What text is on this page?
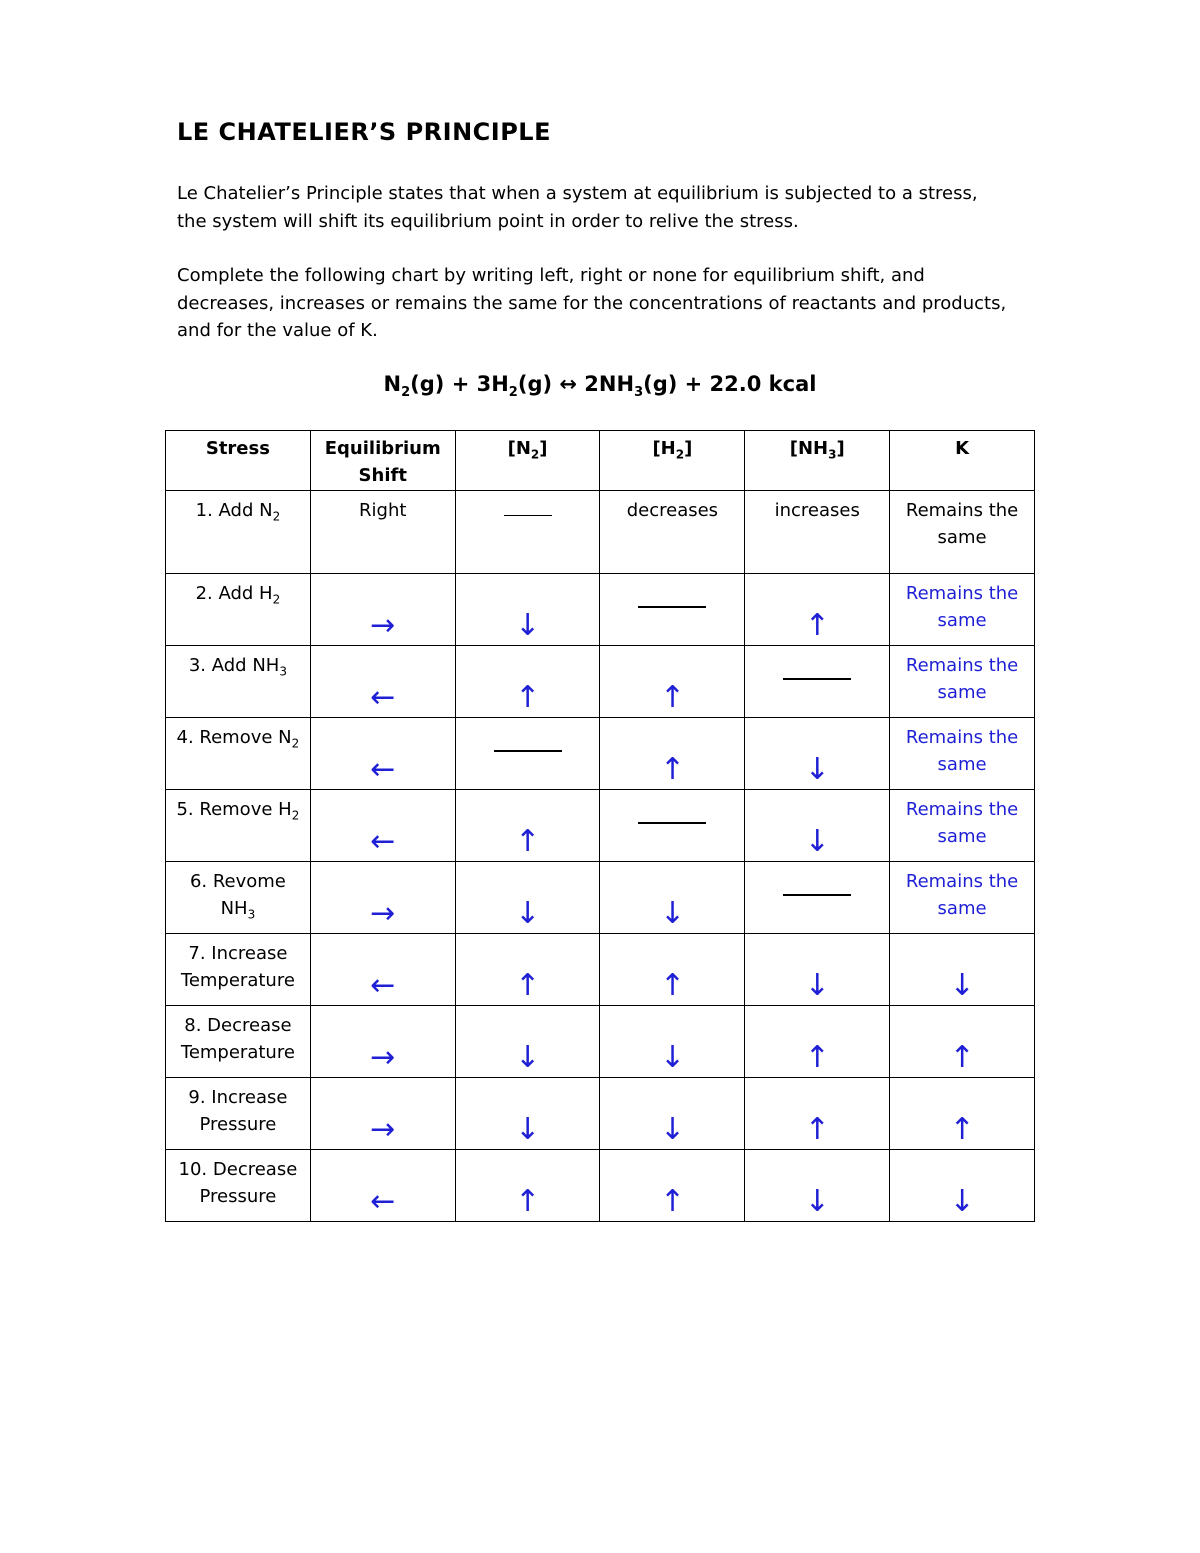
LE CHATELIER’S PRINCIPLE

Le Chatelier’s Principle states that when a system at equilibrium is subjected to a stress,
the system will shift its equilibrium point in order to relive the stress.

Complete the following chart by writing left, right or none for equilibrium shift, and
decreases, increases or remains the same for the concentrations of reactants and products,
and for the value of K.

$N_2(g) + 3H_2(g)$ ↔ $2NH_3(g) + 22.0$ kcal

Stress	Equilibrium
Shift	$[N_2]$	$[H_2]$	$[NH_3]$	K

1. Add $N_2$	Right		decreases	increases	Remains the
same

2. Add $H_2$	→	↓		↑	Remains the
same

3. Add $NH_3$	←	↑	↑		Remains the
same

4. Remove $N_2$	←		↑	↓	Remains the
same

5. Remove $H_2$	←	↑		↓	Remains the
same

6. Revome
$NH_3$	→	↓	↓		Remains the
same

7. Increase
Temperature	←	↑	↑	↓	↓

8. Decrease
Temperature	→	↓	↓	↑	↑

9. Increase
Pressure	→	↓	↓	↑	↑

10. Decrease
Pressure	←	↑	↑	↓	↓
